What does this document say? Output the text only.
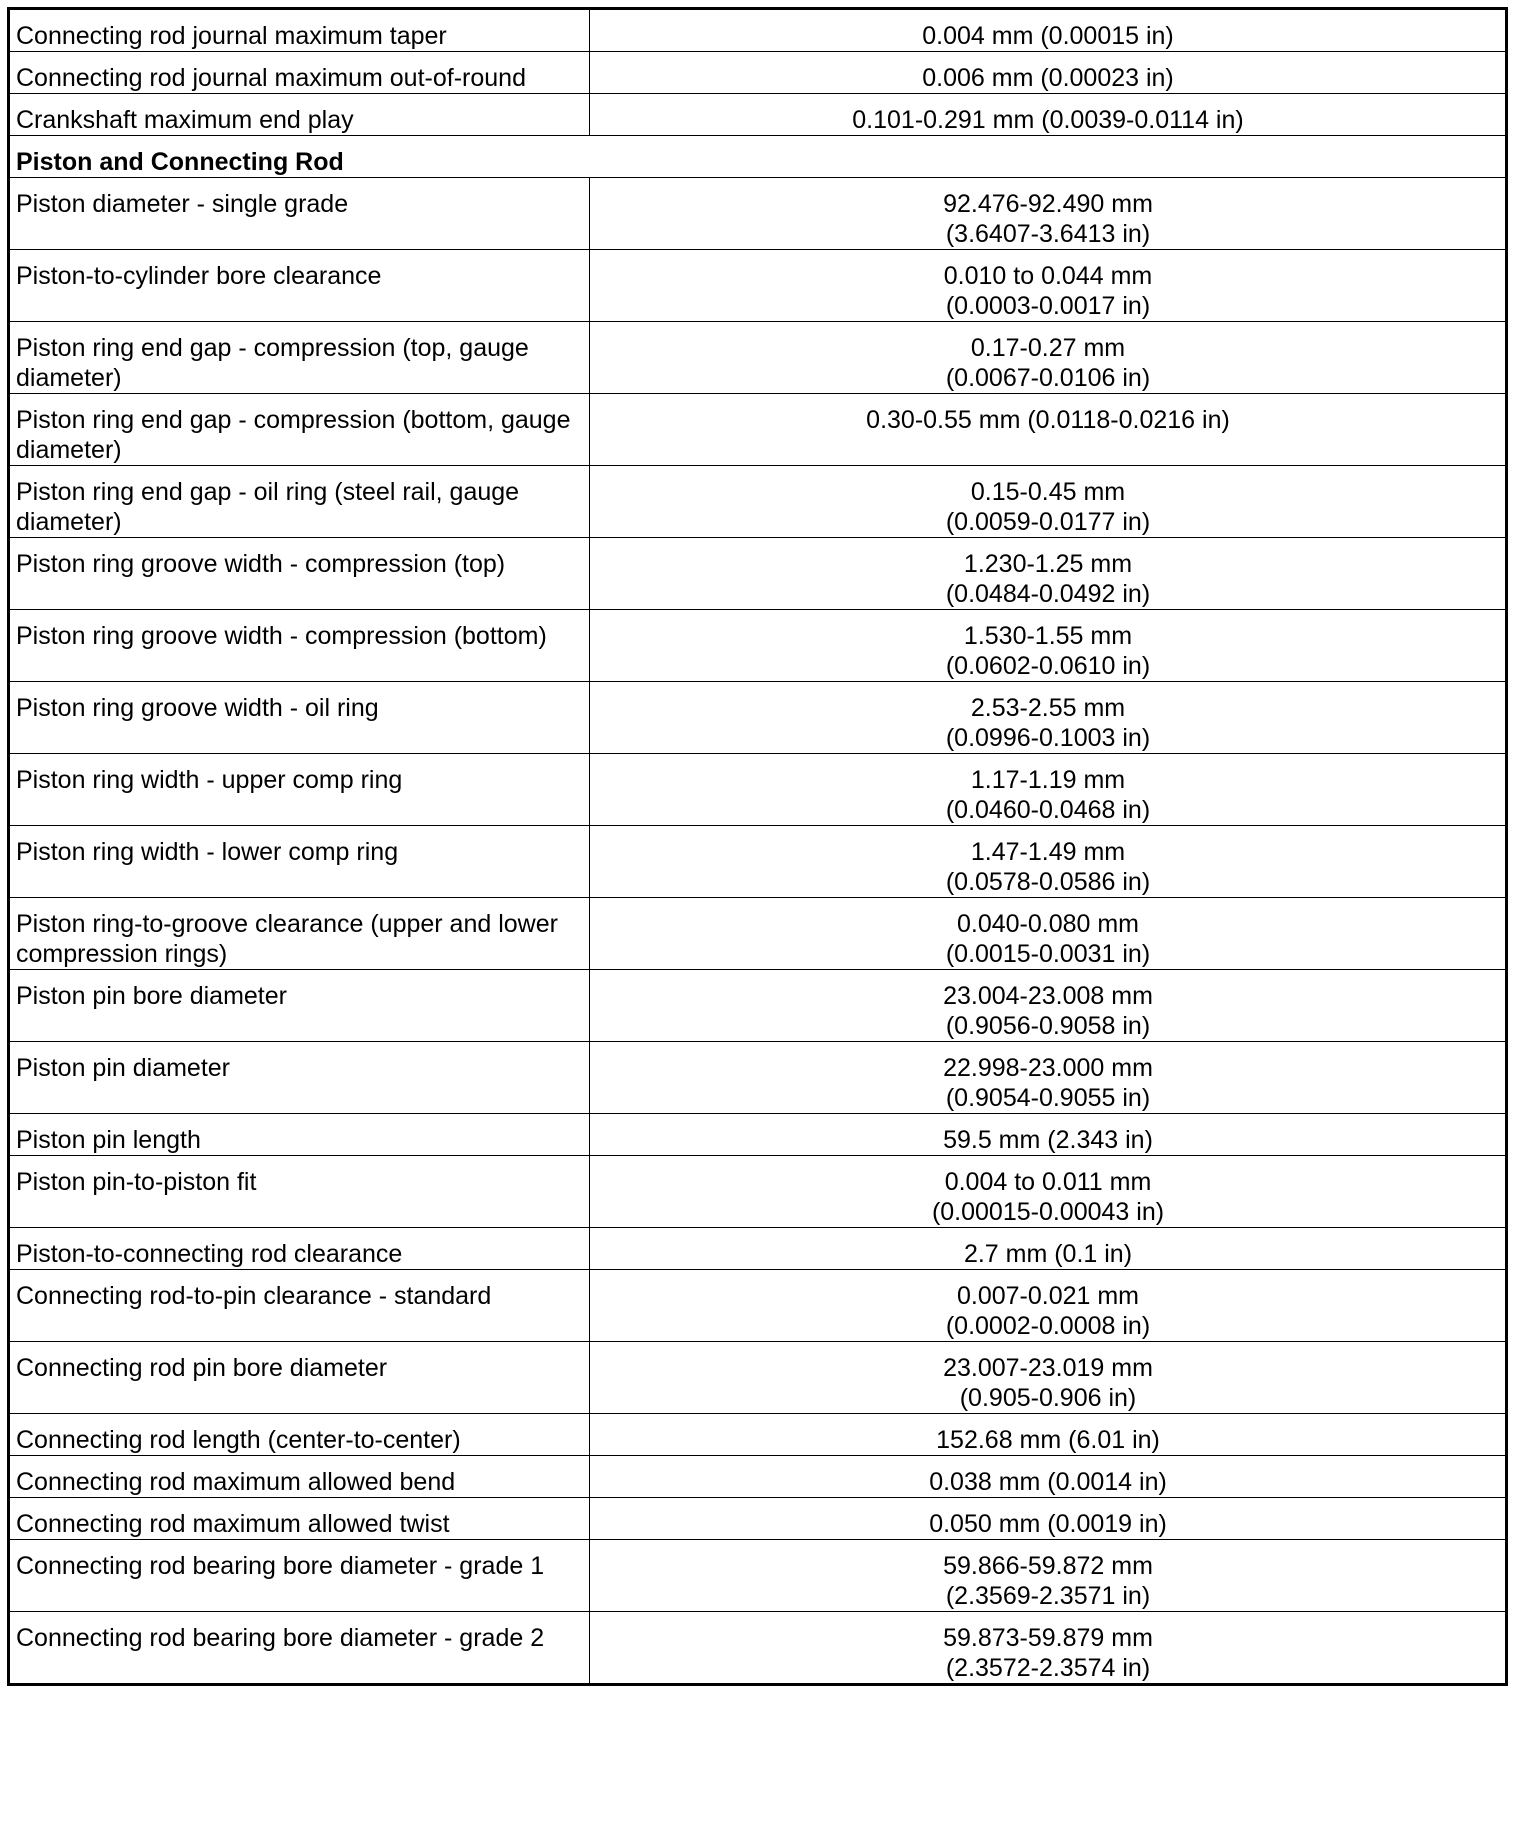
Connecting rod journal maximum taper	0.004 mm (0.00015 in)

Connecting rod journal maximum out-of-round	0.006 mm (0.00023 in)

Crankshaft maximum end play	0.101-0.291 mm (0.0039-0.0114 in)

Piston and Connecting Rod	
Piston diameter - single grade	92.476-92.490 mm
(3.6407-3.6413 in)

Piston-to-cylinder bore clearance	0.010 to 0.044 mm
(0.0003-0.0017 in)

Piston ring end gap - compression (top, gauge diameter)	0.17-0.27 mm
(0.0067-0.0106 in)

Piston ring end gap - compression (bottom, gauge diameter)	0.30-0.55 mm (0.0118-0.0216 in)

Piston ring end gap - oil ring (steel rail, gauge diameter)	0.15-0.45 mm
(0.0059-0.0177 in)

Piston ring groove width - compression (top)	1.230-1.25 mm
(0.0484-0.0492 in)

Piston ring groove width - compression (bottom)	1.530-1.55 mm
(0.0602-0.0610 in)

Piston ring groove width - oil ring	2.53-2.55 mm
(0.0996-0.1003 in)

Piston ring width - upper comp ring	1.17-1.19 mm
(0.0460-0.0468 in)

Piston ring width - lower comp ring	1.47-1.49 mm
(0.0578-0.0586 in)

Piston ring-to-groove clearance (upper and lower compression rings)	0.040-0.080 mm
(0.0015-0.0031 in)

Piston pin bore diameter	23.004-23.008 mm
(0.9056-0.9058 in)

Piston pin diameter	22.998-23.000 mm
(0.9054-0.9055 in)

Piston pin length	59.5 mm (2.343 in)

Piston pin-to-piston fit	0.004 to 0.011 mm
(0.00015-0.00043 in)

Piston-to-connecting rod clearance	2.7 mm (0.1 in)

Connecting rod-to-pin clearance - standard	0.007-0.021 mm
(0.0002-0.0008 in)

Connecting rod pin bore diameter	23.007-23.019 mm
(0.905-0.906 in)

Connecting rod length (center-to-center)	152.68 mm (6.01 in)

Connecting rod maximum allowed bend	0.038 mm (0.0014 in)

Connecting rod maximum allowed twist	0.050 mm (0.0019 in)

Connecting rod bearing bore diameter - grade 1	59.866-59.872 mm
(2.3569-2.3571 in)

Connecting rod bearing bore diameter - grade 2	59.873-59.879 mm
(2.3572-2.3574 in)
